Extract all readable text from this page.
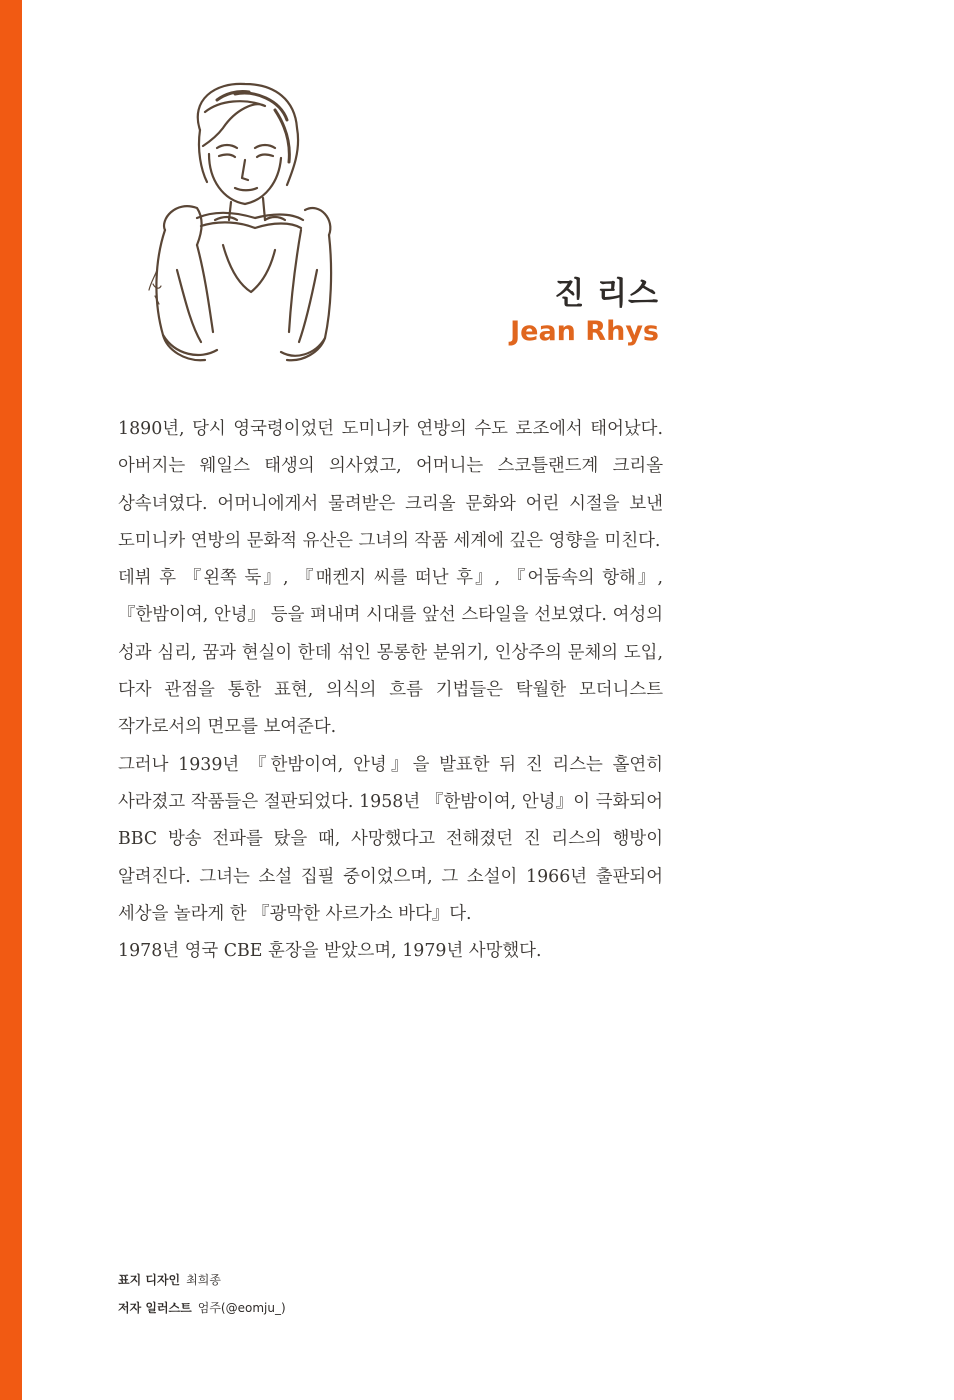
진 리스
Jean Rhys

1890년, 당시 영국령이었던 도미니카 연방의 수도 로조에서 태어났다. 아버지는 웨일스 태생의 의사였고, 어머니는 스코틀랜드계 크리올 상속녀였다. 어머니에게서 물려받은 크리올 문화와 어린 시절을 보낸 도미니카 연방의 문화적 유산은 그녀의 작품 세계에 깊은 영향을 미친다.

데뷔 후 『왼쪽 둑』, 『매켄지 씨를 떠난 후』, 『어둠속의 항해』, 『한밤이여, 안녕』 등을 펴내며 시대를 앞선 스타일을 선보였다. 여성의 성과 심리, 꿈과 현실이 한데 섞인 몽롱한 분위기, 인상주의 문체의 도입, 다자 관점을 통한 표현, 의식의 흐름 기법들은 탁월한 모더니스트 작가로서의 면모를 보여준다.

그러나 1939년 『한밤이여, 안녕』을 발표한 뒤 진 리스는 홀연히 사라졌고 작품들은 절판되었다. 1958년 『한밤이여, 안녕』이 극화되어 BBC 방송 전파를 탔을 때, 사망했다고 전해졌던 진 리스의 행방이 알려진다. 그녀는 소설 집필 중이었으며, 그 소설이 1966년 출판되어 세상을 놀라게 한 『광막한 사르가소 바다』다.

1978년 영국 CBE 훈장을 받았으며, 1979년 사망했다.

표지 디자인 최희종
저자 일러스트 엄주(@eomju_)
